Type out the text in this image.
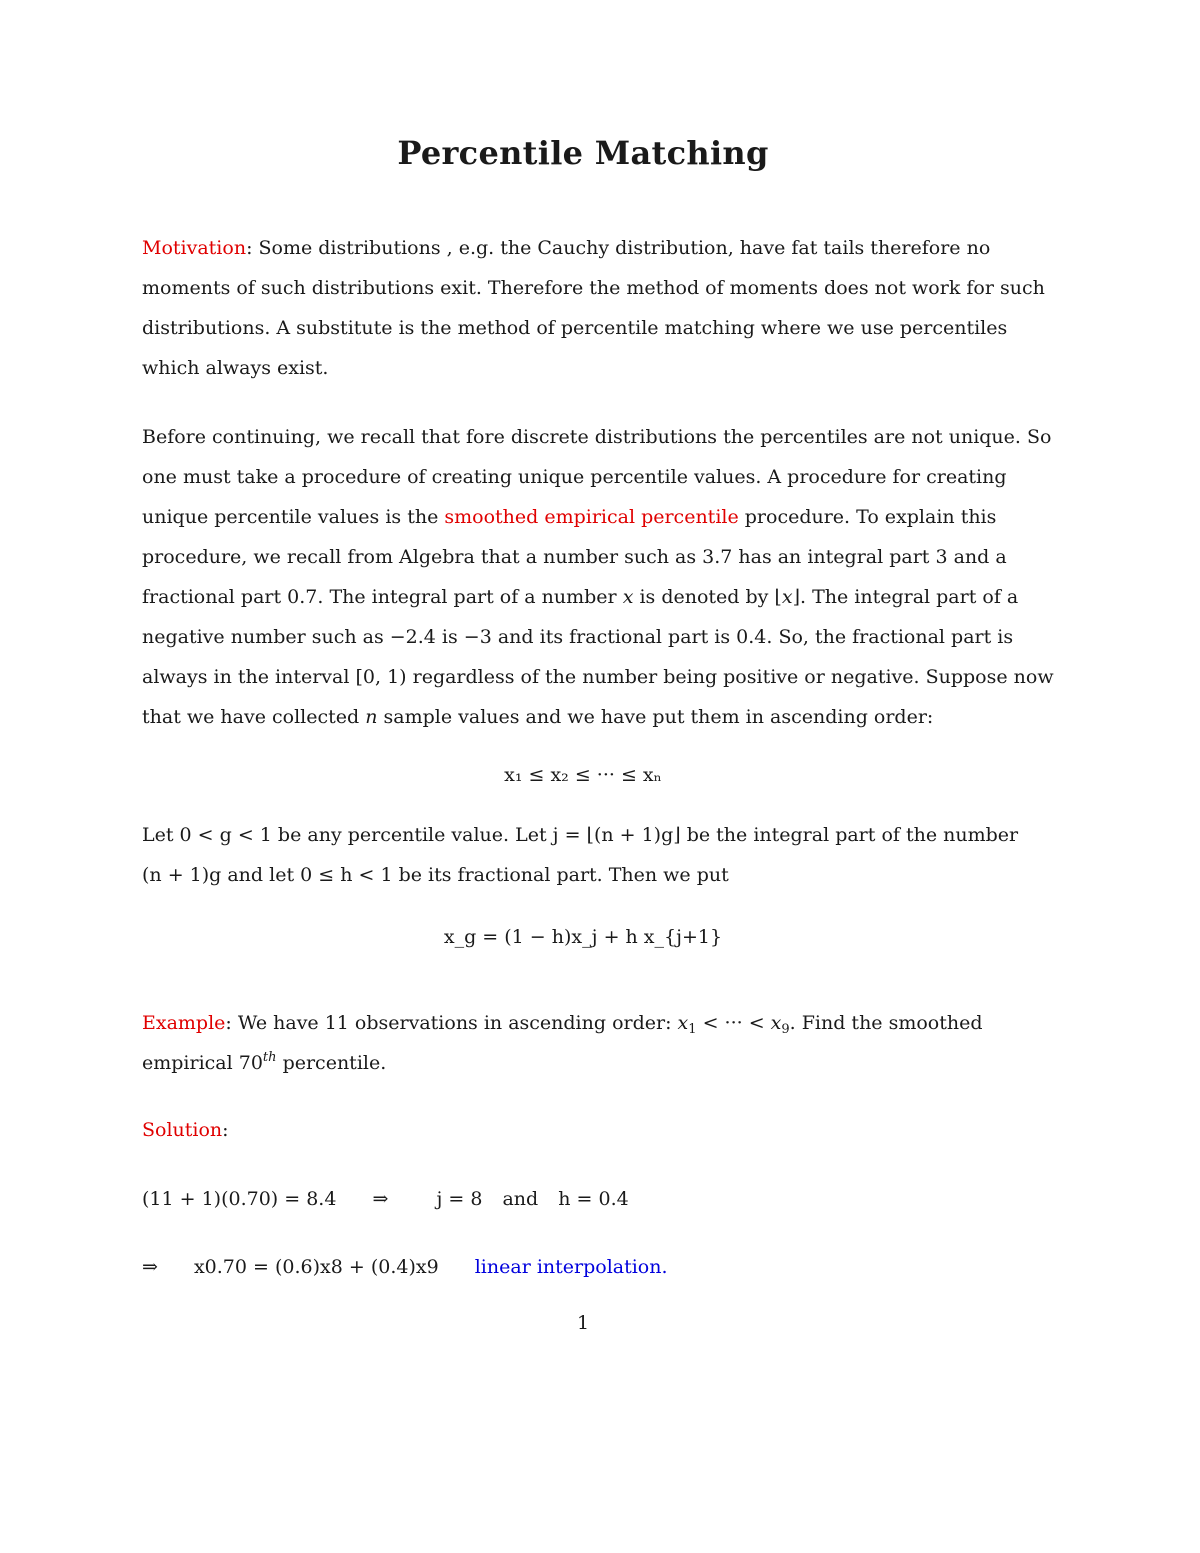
Percentile Matching
Motivation: Some distributions , e.g. the Cauchy distribution, have fat tails therefore no
moments of such distributions exit. Therefore the method of moments does not work for such
distributions. A substitute is the method of percentile matching where we use percentiles
which always exist.
Before continuing, we recall that fore discrete distributions the percentiles are not unique. So
one must take a procedure of creating unique percentile values. A procedure for creating
unique percentile values is the smoothed empirical percentile procedure. To explain this
procedure, we recall from Algebra that a number such as 3.7 has an integral part 3 and a
fractional part 0.7. The integral part of a number x is denoted by ⌊x⌋. The integral part of a
negative number such as −2.4 is −3 and its fractional part is 0.4. So, the fractional part is
always in the interval [0, 1) regardless of the number being positive or negative. Suppose now
that we have collected n sample values and we have put them in ascending order:
x₁ ≤ x₂ ≤ ··· ≤ xₙ
Let 0 < g < 1 be any percentile value. Let j = ⌊(n + 1)g⌋ be the integral part of the number
(n + 1)g and let 0 ≤ h < 1 be its fractional part. Then we put
x_g = (1 − h)x_j + h x_{j+1}
Example: We have 11 observations in ascending order: $x_1$ < ··· < $x_9$. Find the smoothed
empirical 70th percentile.
Solution:
(11 + 1)(0.70) = 8.4 ⇒	j = 8 and h = 0.4
⇒ x0.70 = (0.6)x8 + (0.4)x9 linear interpolation.
1
